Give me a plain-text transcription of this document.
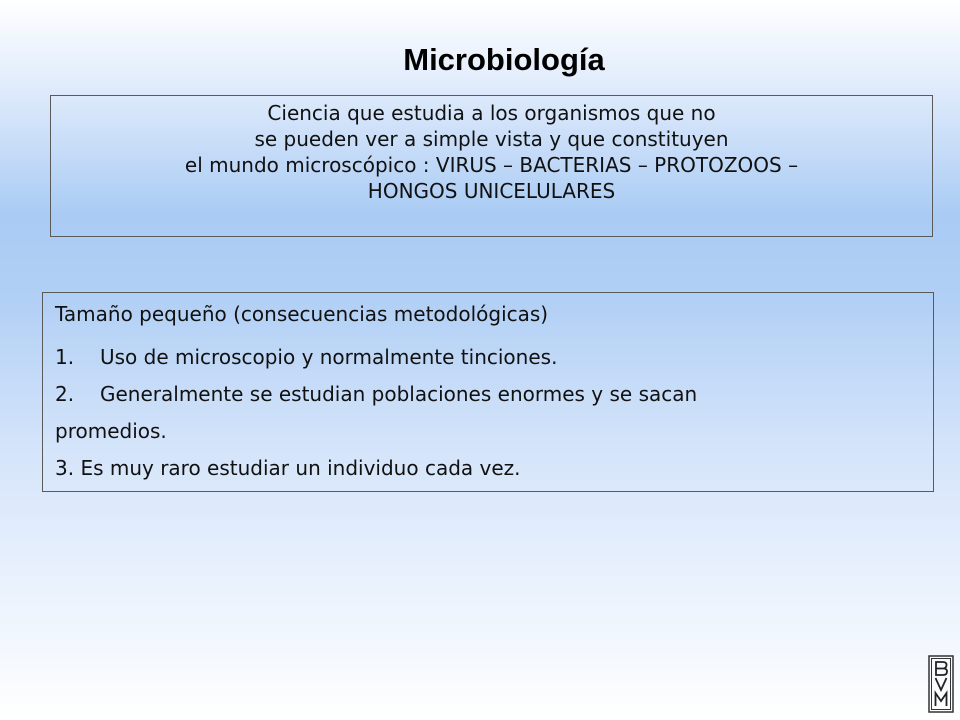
Microbiología
Ciencia que estudia a los organismos que no
se pueden ver a simple vista y que constituyen
el mundo microscópico : VIRUS – BACTERIAS – PROTOZOOS –
HONGOS UNICELULARES
Tamaño pequeño (consecuencias metodológicas)
1. Uso de microscopio y normalmente tinciones.
2. Generalmente se estudian poblaciones enormes y se sacan
promedios.
3. Es muy raro estudiar un individuo cada vez.
